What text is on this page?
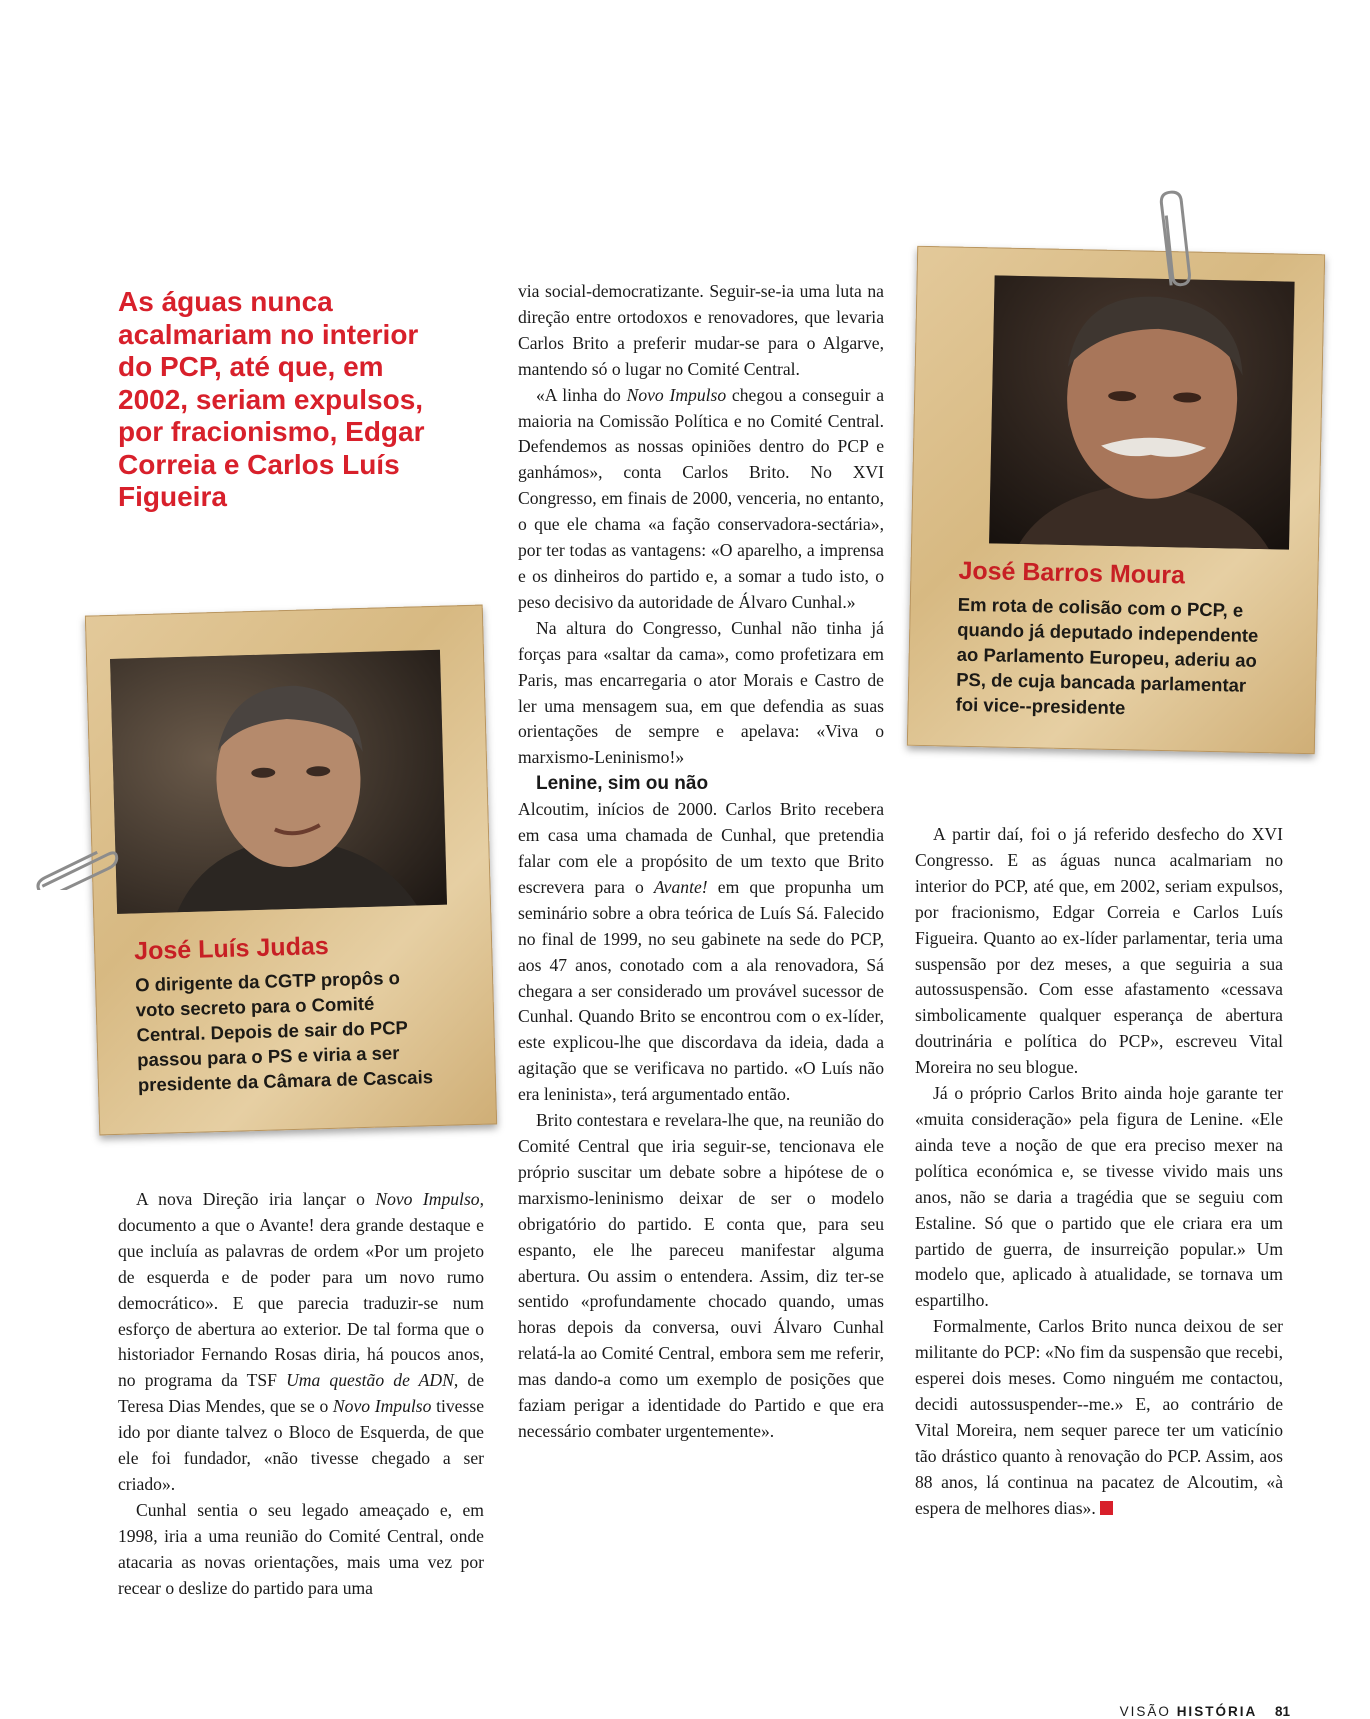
As águas nunca acalmariam no interior do PCP, até que, em 2002, seriam expulsos, por fracionismo, Edgar Correia e Carlos Luís Figueira

José Luís Judas

O dirigente da CGTP propôs o voto secreto para o Comité Central. Depois de sair do PCP passou para o PS e viria a ser presidente da Câmara de Cascais

José Barros Moura

Em rota de colisão com o PCP, e quando já deputado independente ao Parlamento Europeu, aderiu ao PS, de cuja bancada parlamentar foi vice--presidente

A nova Direção iria lançar o Novo Impulso, documento a que o Avante! dera grande destaque e que incluía as palavras de ordem «Por um projeto de esquerda e de poder para um novo rumo democrático». E que parecia traduzir-se num esforço de abertura ao exterior. De tal forma que o historiador Fernando Rosas diria, há poucos anos, no programa da TSF Uma questão de ADN, de Teresa Dias Mendes, que se o Novo Impulso tivesse ido por diante talvez o Bloco de Esquerda, de que ele foi fundador, «não tivesse chegado a ser criado».

Cunhal sentia o seu legado ameaçado e, em 1998, iria a uma reunião do Comité Central, onde atacaria as novas orientações, mais uma vez por recear o deslize do partido para uma

via social-democratizante. Seguir-se-ia uma luta na direção entre ortodoxos e renovadores, que levaria Carlos Brito a preferir mudar-se para o Algarve, mantendo só o lugar no Comité Central.

«A linha do Novo Impulso chegou a conseguir a maioria na Comissão Política e no Comité Central. Defendemos as nossas opiniões dentro do PCP e ganhámos», conta Carlos Brito. No XVI Congresso, em finais de 2000, venceria, no entanto, o que ele chama «a fação conservadora-sectária», por ter todas as vantagens: «O aparelho, a imprensa e os dinheiros do partido e, a somar a tudo isto, o peso decisivo da autoridade de Álvaro Cunhal.»

Na altura do Congresso, Cunhal não tinha já forças para «saltar da cama», como profetizara em Paris, mas encarregaria o ator Morais e Castro de ler uma mensagem sua, em que defendia as suas orientações de sempre e apelava: «Viva o marxismo-Leninismo!»

Lenine, sim ou não

Alcoutim, inícios de 2000. Carlos Brito recebera em casa uma chamada de Cunhal, que pretendia falar com ele a propósito de um texto que Brito escrevera para o Avante! em que propunha um seminário sobre a obra teórica de Luís Sá. Falecido no final de 1999, no seu gabinete na sede do PCP, aos 47 anos, conotado com a ala renovadora, Sá chegara a ser considerado um provável sucessor de Cunhal. Quando Brito se encontrou com o ex-líder, este explicou-lhe que discordava da ideia, dada a agitação que se verificava no partido. «O Luís não era leninista», terá argumentado então.

Brito contestara e revelara-lhe que, na reunião do Comité Central que iria seguir-se, tencionava ele próprio suscitar um debate sobre a hipótese de o marxismo-leninismo deixar de ser o modelo obrigatório do partido. E conta que, para seu espanto, ele lhe pareceu manifestar alguma abertura. Ou assim o entendera. Assim, diz ter-se sentido «profundamente chocado quando, umas horas depois da conversa, ouvi Álvaro Cunhal relatá-la ao Comité Central, embora sem me referir, mas dando-a como um exemplo de posições que faziam perigar a identidade do Partido e que era necessário combater urgentemente».

A partir daí, foi o já referido desfecho do XVI Congresso. E as águas nunca acalmariam no interior do PCP, até que, em 2002, seriam expulsos, por fracionismo, Edgar Correia e Carlos Luís Figueira. Quanto ao ex-líder parlamentar, teria uma suspensão por dez meses, a que seguiria a sua autossuspensão. Com esse afastamento «cessava simbolicamente qualquer esperança de abertura doutrinária e política do PCP», escreveu Vital Moreira no seu blogue.

Já o próprio Carlos Brito ainda hoje garante ter «muita consideração» pela figura de Lenine. «Ele ainda teve a noção de que era preciso mexer na política económica e, se tivesse vivido mais uns anos, não se daria a tragédia que se seguiu com Estaline. Só que o partido que ele criara era um partido de guerra, de insurreição popular.» Um modelo que, aplicado à atualidade, se tornava um espartilho.

Formalmente, Carlos Brito nunca deixou de ser militante do PCP: «No fim da suspensão que recebi, esperei dois meses. Como ninguém me contactou, decidi autossuspender--me.» E, ao contrário de Vital Moreira, nem sequer parece ter um vaticínio tão drástico quanto à renovação do PCP. Assim, aos 88 anos, lá continua na pacatez de Alcoutim, «à espera de melhores dias».

VISÃO HISTÓRIA 81
